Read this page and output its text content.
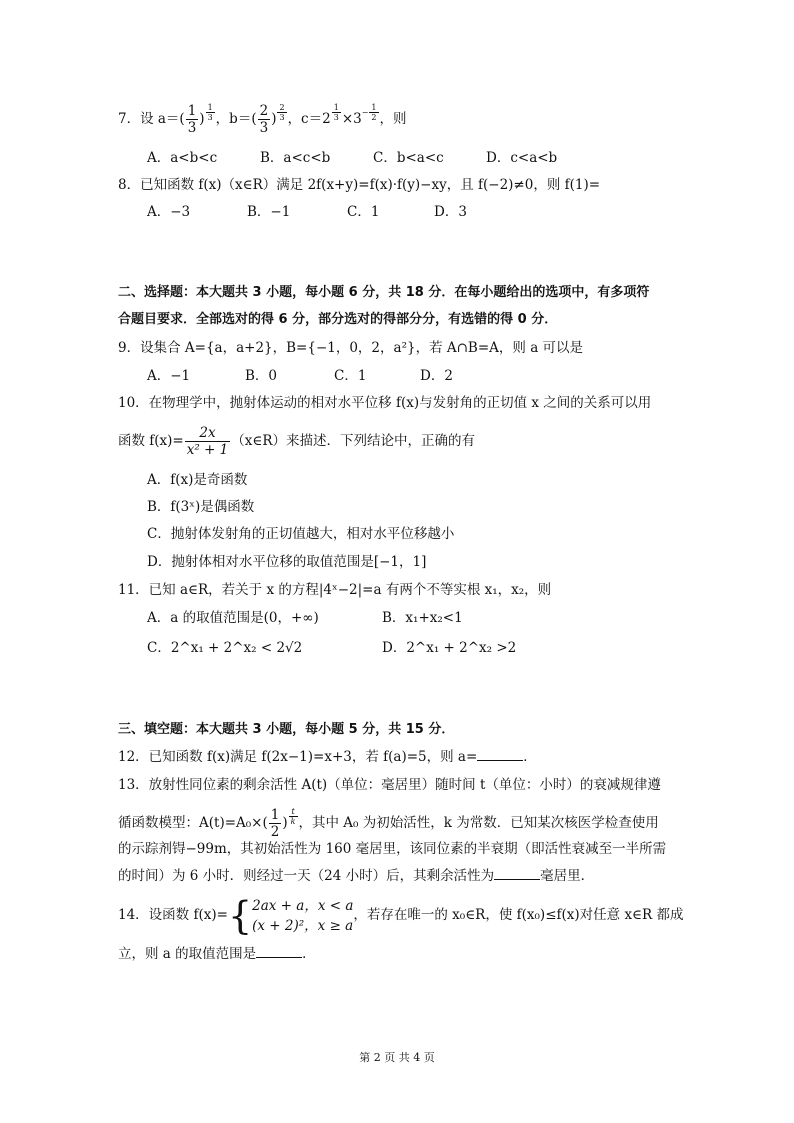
7．设 $a=( \frac{1}{3}$ ) $\frac{1}{3}$ ，$b=( \frac{2}{3}$ ) $\frac{2}{3}$ ，$c=2 \frac{1}{3} \times 3^- \frac{1}{2}$ ，则
A．a<b<c	B．a<c<b	C．b<a<c	D．c<a<b
8．已知函数 f(x)（x∈R）满足 2f(x+y)=f(x)·f(y)−xy，且 f(−2)≠0，则 f(1)=
A．−3	B．−1	C．1	D．3
二、选择题：本大题共 3 小题，每小题 6 分，共 18 分．在每小题给出的选项中，有多项符
合题目要求．全部选对的得 6 分，部分选对的得部分分，有选错的得 0 分．
9．设集合 A={a，a+2}，B={−1，0，2，a²}，若 A∩B=A，则 a 可以是
A．−1	B．0	C．1	D．2
10．在物理学中，抛射体运动的相对水平位移 f(x)与发射角的正切值 x 之间的关系可以用
函数 $f(x)= \frac{2x}{\text{x² + 1}}$ （x∈R）来描述．下列结论中，正确的有
A．f(x)是奇函数
B．f(3ˣ)是偶函数
C．抛射体发射角的正切值越大，相对水平位移越小
D．抛射体相对水平位移的取值范围是[−1，1]
11．已知 a∈R，若关于 x 的方程|4ˣ−2|=a 有两个不等实根 x₁，x₂，则
A．a 的取值范围是(0，+∞)	B．x₁+x₂<1
C．2^x₁ + 2^x₂ < 2√2	D．2^x₁ + 2^x₂ >2
三、填空题：本大题共 3 小题，每小题 5 分，共 15 分．
12．已知函数 f(x)满足 f(2x−1)=x+3，若 f(a)=5，则 a=	．
13．放射性同位素的剩余活性 A(t)（单位：毫居里）随时间 t（单位：小时）的衰减规律遵
循函数模型：$A(t)=A_0\times( \frac{1}{2}$ ) $\frac{t}{k}$ ，其中 A₀ 为初始活性，k 为常数．已知某次核医学检查使用
的示踪剂锝−99m，其初始活性为 160 毫居里，该同位素的半衰期（即活性衰减至一半所需
的时间）为 6 小时．则经过一天（24 小时）后，其剩余活性为	毫居里．
14．设函数 f(x)={ 2ax + a，x < a
(x + 2)²，x ≥ a
，若存在唯一的 x₀∈R，使 f(x₀)≤f(x)对任意 x∈R 都成
立，则 a 的取值范围是	．
第 2 页 共 4 页
